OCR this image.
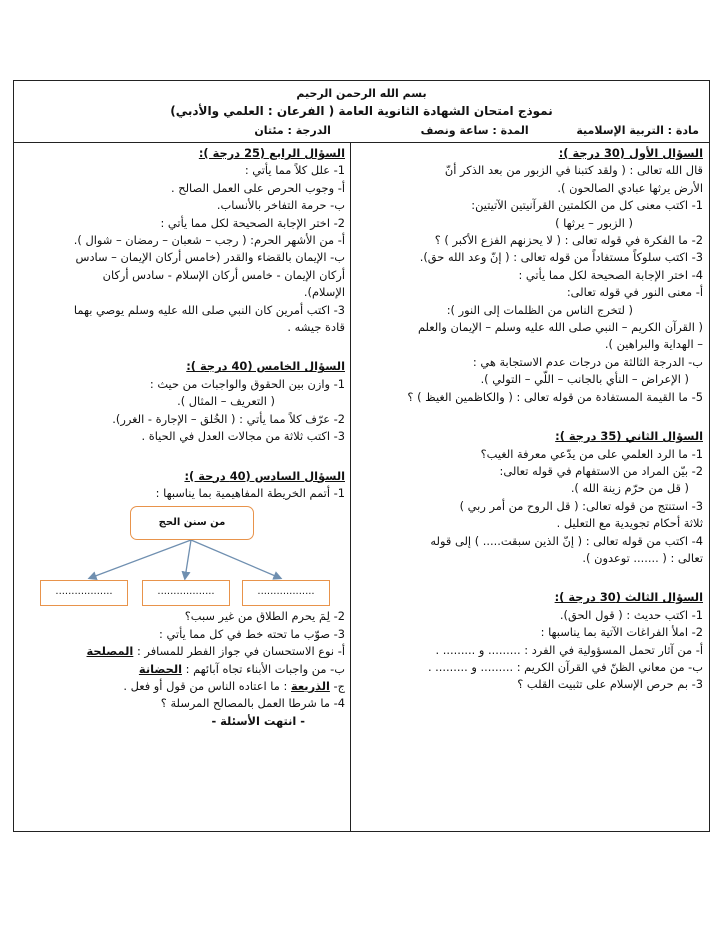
بسم الله الرحمن الرحيم
نموذج امتحان الشهادة الثانوية العامة ( الفرعان : العلمي والأدبي)
مادة : التربية الإسلامية  المدة : ساعة ونصف  الدرجة : مئتان
السؤال الأول (30 درجة ):
قال الله تعالى : ( ولقد كتبنا في الزبور من بعد الذكر أنّ
الأرض يرثها عبادي الصالحون ).
1- اكتب معنى كل من الكلمتين القرآنيتين الآتيتين:
( الزبور – يرثها )
2- ما الفكرة في قوله تعالى : ( لا يحزنهم الفزع الأكبر ) ؟
3- اكتب سلوكاً مستفاداً من قوله تعالى : ( إنّ وعد الله حق).
4- اختر الإجابة الصحيحة لكل مما يأتي :
أ- معنى النور في قوله تعالى:
( لتخرج الناس من الظلمات إلى النور ):
( القرآن الكريم – النبي صلى الله عليه وسلم – الإيمان والعلم
– الهداية والبراهين ).
ب- الدرجة الثالثة من درجات عدم الاستجابة هي :
( الإعراض – النأي بالجانب – اللّي – التولي ).
5- ما القيمة المستفادة من قوله تعالى : ( والكاظمين الغيظ ) ؟
السؤال الثاني (35 درجة ):
1- ما الرد العلمي على من يدّعي معرفة الغيب؟
2- بيّن المراد من الاستفهام في قوله تعالى:
( قل من حرّم زينة الله ).
3- استنتج من قوله تعالى: ( قل الروح من أمر ربي )
ثلاثة أحكام تجويدية مع التعليل .
4- اكتب من قوله تعالى : ( إنّ الذين سبقت..... ) إلى قوله
تعالى : ( ....... توعدون ).
السؤال الثالث (30 درجة ):
1- اكتب حديث : ( قول الحق).
2- املأ الفراغات الآتية بما يناسبها :
أ- من آثار تحمل المسؤولية في الفرد : ......... و ......... .
ب- من معاني الظنّ في القرآن الكريم : ......... و ......... .
3- بم حرص الإسلام على تثبيت القلب ؟
السؤال الرابع (25 درجة ):
1- علل كلاً مما يأتي :
أ- وجوب الحرص على العمل الصالح .
ب- حرمة التفاخر بالأنساب.
2- اختر الإجابة الصحيحة لكل مما يأتي :
أ- من الأشهر الحرم: ( رجب – شعبان – رمضان – شوال ).
ب- الإيمان بالقضاء والقدر (خامس أركان الإيمان – سادس
أركان الإيمان - خامس أركان الإسلام - سادس أركان
الإسلام).
3- اكتب أمرين كان النبي صلى الله عليه وسلم يوصي بهما
قادة جيشه .
السؤال الخامس (40 درجة ):
1- وازن بين الحقوق والواجبات من حيث :
( التعريف – المثال ).
2- عرّف كلاً مما يأتي : ( الخُلق – الإجارة - الغرر).
3- اكتب ثلاثة من مجالات العدل في الحياة .
السؤال السادس (40 درجة ):
1- أتمم الخريطة المفاهيمية بما يناسبها :
من سنن الحج
..................	..................	..................
2- لِمَ يحرم الطلاق من غير سبب؟
3- صوّب ما تحته خط في كل مما يأتي :
أ- نوع الاستحسان في جواز الفطر للمسافر : المصلحة
ب- من واجبات الأبناء تجاه آبائهم : الحضانة
ج- الذريعة : ما اعتاده الناس من قول أو فعل .
4- ما شرطا العمل بالمصالح المرسلة ؟
- انتهت الأسئلة -
